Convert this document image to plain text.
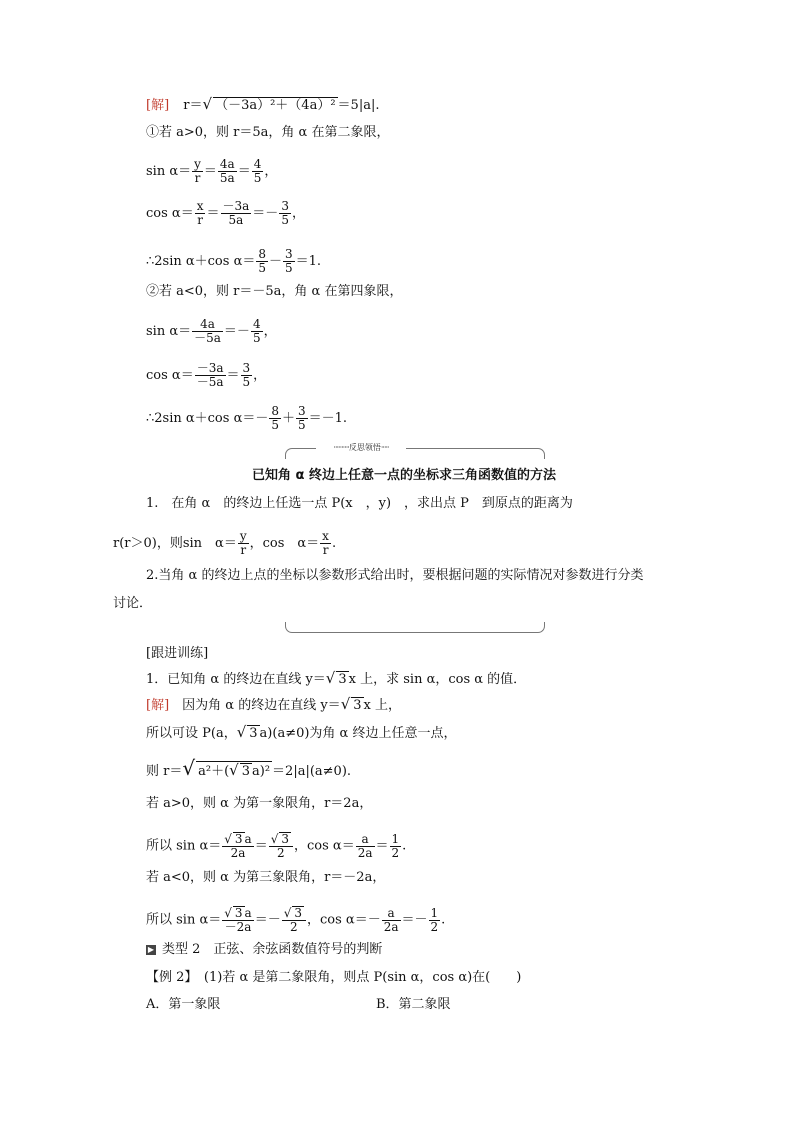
[解] r＝√ （－3a）²＋（4a）² ＝5|a|.
①若 a>0，则 r＝5a，角 α 在第二象限，
$\sin \alpha= \frac{y}{r} = \frac{4a}{5a} = \frac{4}{5}$ ，
$\cos \alpha= \frac{x}{r} = \frac{-3a}{5a} =- \frac{3}{5}$ ，
∴2sin α＋cos $\alpha= \frac{8}{5} - \frac{3}{5} =1$.
②若 a<0，则 r＝－5a，角 α 在第四象限，
$\sin \alpha= \frac{4a}{-5a} =- \frac{4}{5}$ ，
$\cos \alpha= \frac{-3a}{-5a} = \frac{3}{5}$ ，
∴2sin α＋cos $\alpha=- \frac{8}{5} + \frac{3}{5} =-1$.
··········反思领悟·····
已知角 α 终边上任意一点的坐标求三角函数值的方法
1.　在角 α　的终边上任选一点 P(x　，y)　，求出点 P　到原点的距离为
r(r＞0)，则sin　$\alpha= \frac{y}{r}$ ，cos　$\alpha= \frac{x}{r}$ .
2.当角 α 的终边上点的坐标以参数形式给出时，要根据问题的实际情况对参数进行分类
讨论．
[跟进训练]
1．已知角 α 的终边在直线 y＝√ 3 x 上，求 sin α，cos α 的值．
[解]　因为角 α 的终边在直线 y＝√ 3 x 上，
所以可设 P(a，√ 3 a)(a≠0)为角 α 终边上任意一点，
则 r＝√ a²＋(√ 3 a)² ＝2|a|(a≠0).
若 a>0，则 α 为第一象限角，r＝2a，
所以 $\sin \alpha= \frac{√ 3 a}{2a} = \frac{√ 3}{2}$ ，$\cos \alpha= \frac{a}{2a} = \frac{1}{2}$ .
若 a<0，则 α 为第三象限角，r＝－2a，
所以 $\sin \alpha= \frac{√ 3 a}{-2a} =- \frac{√ 3}{2}$ ，$\cos \alpha=- \frac{a}{2a} =- \frac{1}{2}$ .
▶ 类型 2　正弦、余弦函数值符号的判断
【例 2】　(1)若 α 是第二象限角，则点 P(sin α，cos α)在(　　)
A．第一象限	B．第二象限
